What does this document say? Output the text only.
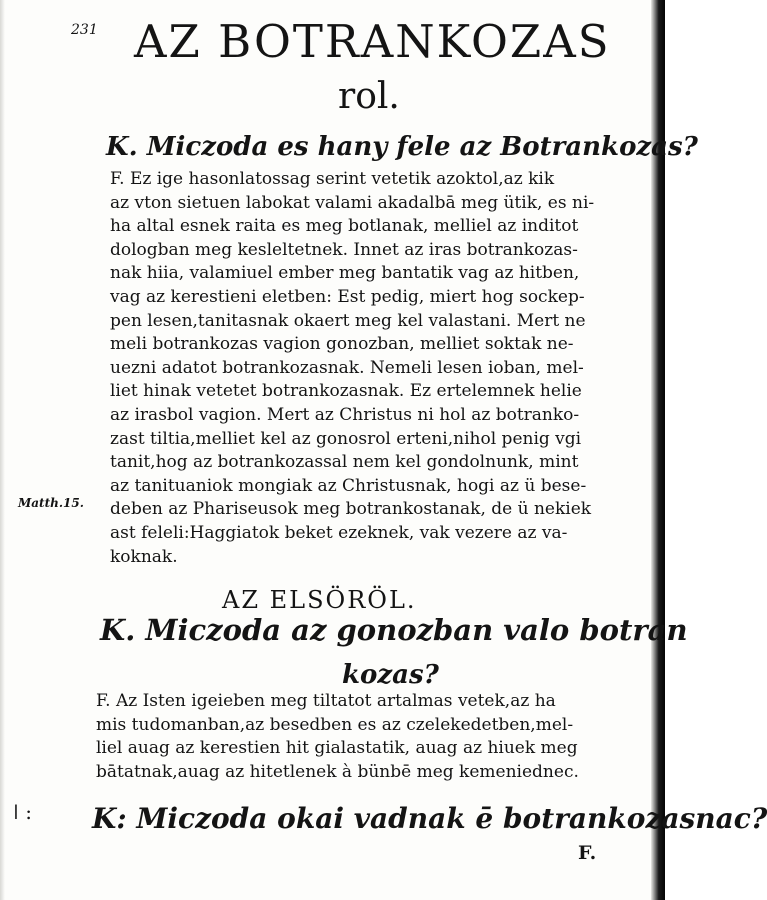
231 AZ BOTRANKOZAS
rol.
K. Miczoda es hany fele az Botrankozas?
F. Ez ige hasonlatossag serint vetetik azoktol,az kik
az vton sietuen labokat valami akadalbā meg ütik, es ni-
ha altal esnek raita es meg botlanak, melliel az inditot
dologban meg kesleltetnek. Innet az iras botrankozas-
nak hiia, valamiuel ember meg bantatik vag az hitben,
vag az kerestieni eletben: Est pedig, miert hog sockep-
pen lesen,tanitasnak okaert meg kel valastani. Mert ne
meli botrankozas vagion gonozban, melliet soktak ne-
uezni adatot botrankozasnak. Nemeli lesen ioban, mel-
liet hinak vetetet botrankozasnak. Ez ertelemnek helie
az irasbol vagion. Mert az Christus ni hol az botranko-
zast tiltia,melliet kel az gonosrol erteni,nihol penig vgi
tanit,hog az botrankozassal nem kel gondolnunk, mint
az tanituaniok mongiak az Christusnak, hogi az ü bese-
deben az Phariseusok meg botrankostanak, de ü nekiek
ast feleli:Haggiatok beket ezeknek, vak vezere az va-
koknak.
Matth.15.
AZ ELSÖRÖL.
K. Miczoda az gonozban valo botran
kozas?
F. Az Isten igeieben meg tiltatot artalmas vetek,az ha
mis tudomanban,az besedben es az czelekedetben,mel-
liel auag az kerestien hit gialastatik, auag az hiuek meg
bātatnak,auag az hitetlenek à bünbē meg kemeniednec.
K: Miczoda okai vadnak ē botrankozasnac?
ǀ :
F.
